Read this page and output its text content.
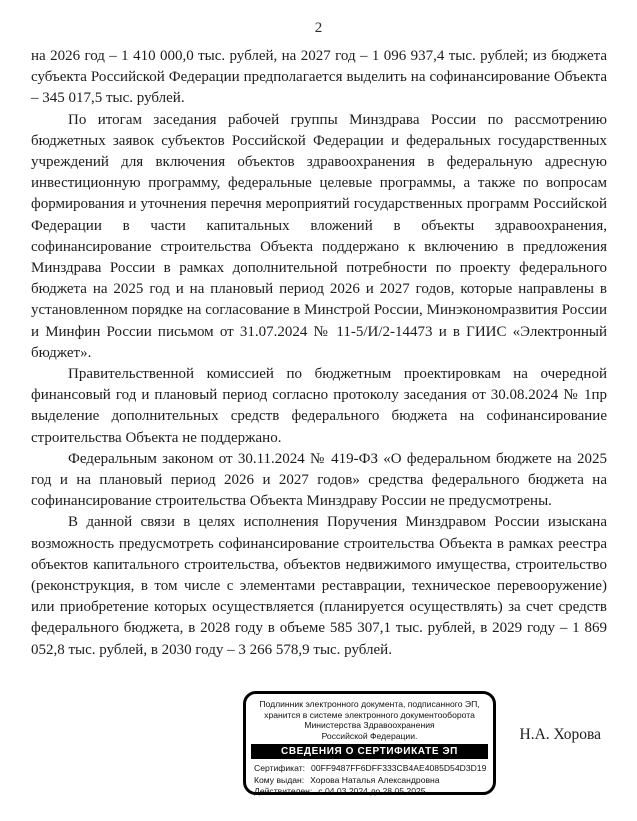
2

на 2026 год – 1 410 000,0 тыс. рублей, на 2027 год – 1 096 937,4 тыс. рублей; из бюджета субъекта Российской Федерации предполагается выделить на софинансирование Объекта – 345 017,5 тыс. рублей.

По итогам заседания рабочей группы Минздрава России по рассмотрению бюджетных заявок субъектов Российской Федерации и федеральных государственных учреждений для включения объектов здравоохранения в федеральную адресную инвестиционную программу, федеральные целевые программы, а также по вопросам формирования и уточнения перечня мероприятий государственных программ Российской Федерации в части капитальных вложений в объекты здравоохранения, софинансирование строительства Объекта поддержано к включению в предложения Минздрава России в рамках дополнительной потребности по проекту федерального бюджета на 2025 год и на плановый период 2026 и 2027 годов, которые направлены в установленном порядке на согласование в Минстрой России, Минэкономразвития России и Минфин России письмом от 31.07.2024 № 11-5/И/2-14473 и в ГИИС «Электронный бюджет».

Правительственной комиссией по бюджетным проектировкам на очередной финансовый год и плановый период согласно протоколу заседания от 30.08.2024 № 1пр выделение дополнительных средств федерального бюджета на софинансирование строительства Объекта не поддержано.

Федеральным законом от 30.11.2024 № 419-ФЗ «О федеральном бюджете на 2025 год и на плановый период 2026 и 2027 годов» средства федерального бюджета на софинансирование строительства Объекта Минздраву России не предусмотрены.

В данной связи в целях исполнения Поручения Минздравом России изыскана возможность предусмотреть софинансирование строительства Объекта в рамках реестра объектов капитального строительства, объектов недвижимого имущества, строительство (реконструкция, в том числе с элементами реставрации, техническое перевооружение) или приобретение которых осуществляется (планируется осуществлять) за счет средств федерального бюджета, в 2028 году в объеме 585 307,1 тыс. рублей, в 2029 году – 1 869 052,8 тыс. рублей, в 2030 году – 3 266 578,9 тыс. рублей.

Подлинник электронного документа, подписанного ЭП,
хранится в системе электронного документооборота
Министерства Здравоохранения
Российской Федерации.
СВЕДЕНИЯ О СЕРТИФИКАТЕ ЭП
Сертификат: 00FF9487FF6DFF333CB4AE4085D54D3D19
Кому выдан: Хорова Наталья Александровна
Действителен: с 04.03.2024 до 28.05.2025
Н.А. Хорова
